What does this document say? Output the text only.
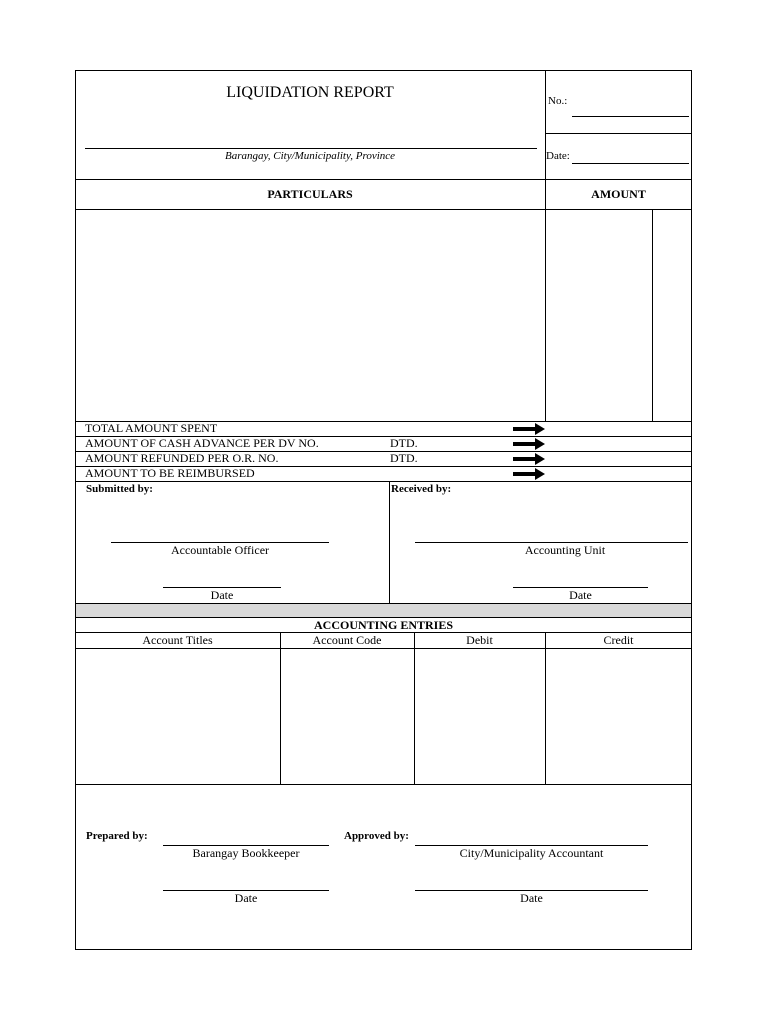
LIQUIDATION REPORT
Barangay, City/Municipality, Province
No.:
Date:
PARTICULARS	AMOUNT
TOTAL AMOUNT SPENT
AMOUNT OF CASH ADVANCE PER DV NO.	DTD.
AMOUNT REFUNDED PER O.R. NO.	DTD.
AMOUNT TO BE REIMBURSED
Submitted by:	Received by:
Accountable Officer
Date
Accounting Unit
Date
ACCOUNTING ENTRIES
Account Titles	Account Code	Debit	Credit
Prepared by:
Barangay Bookkeeper
Date
Approved by:
City/Municipality Accountant
Date
